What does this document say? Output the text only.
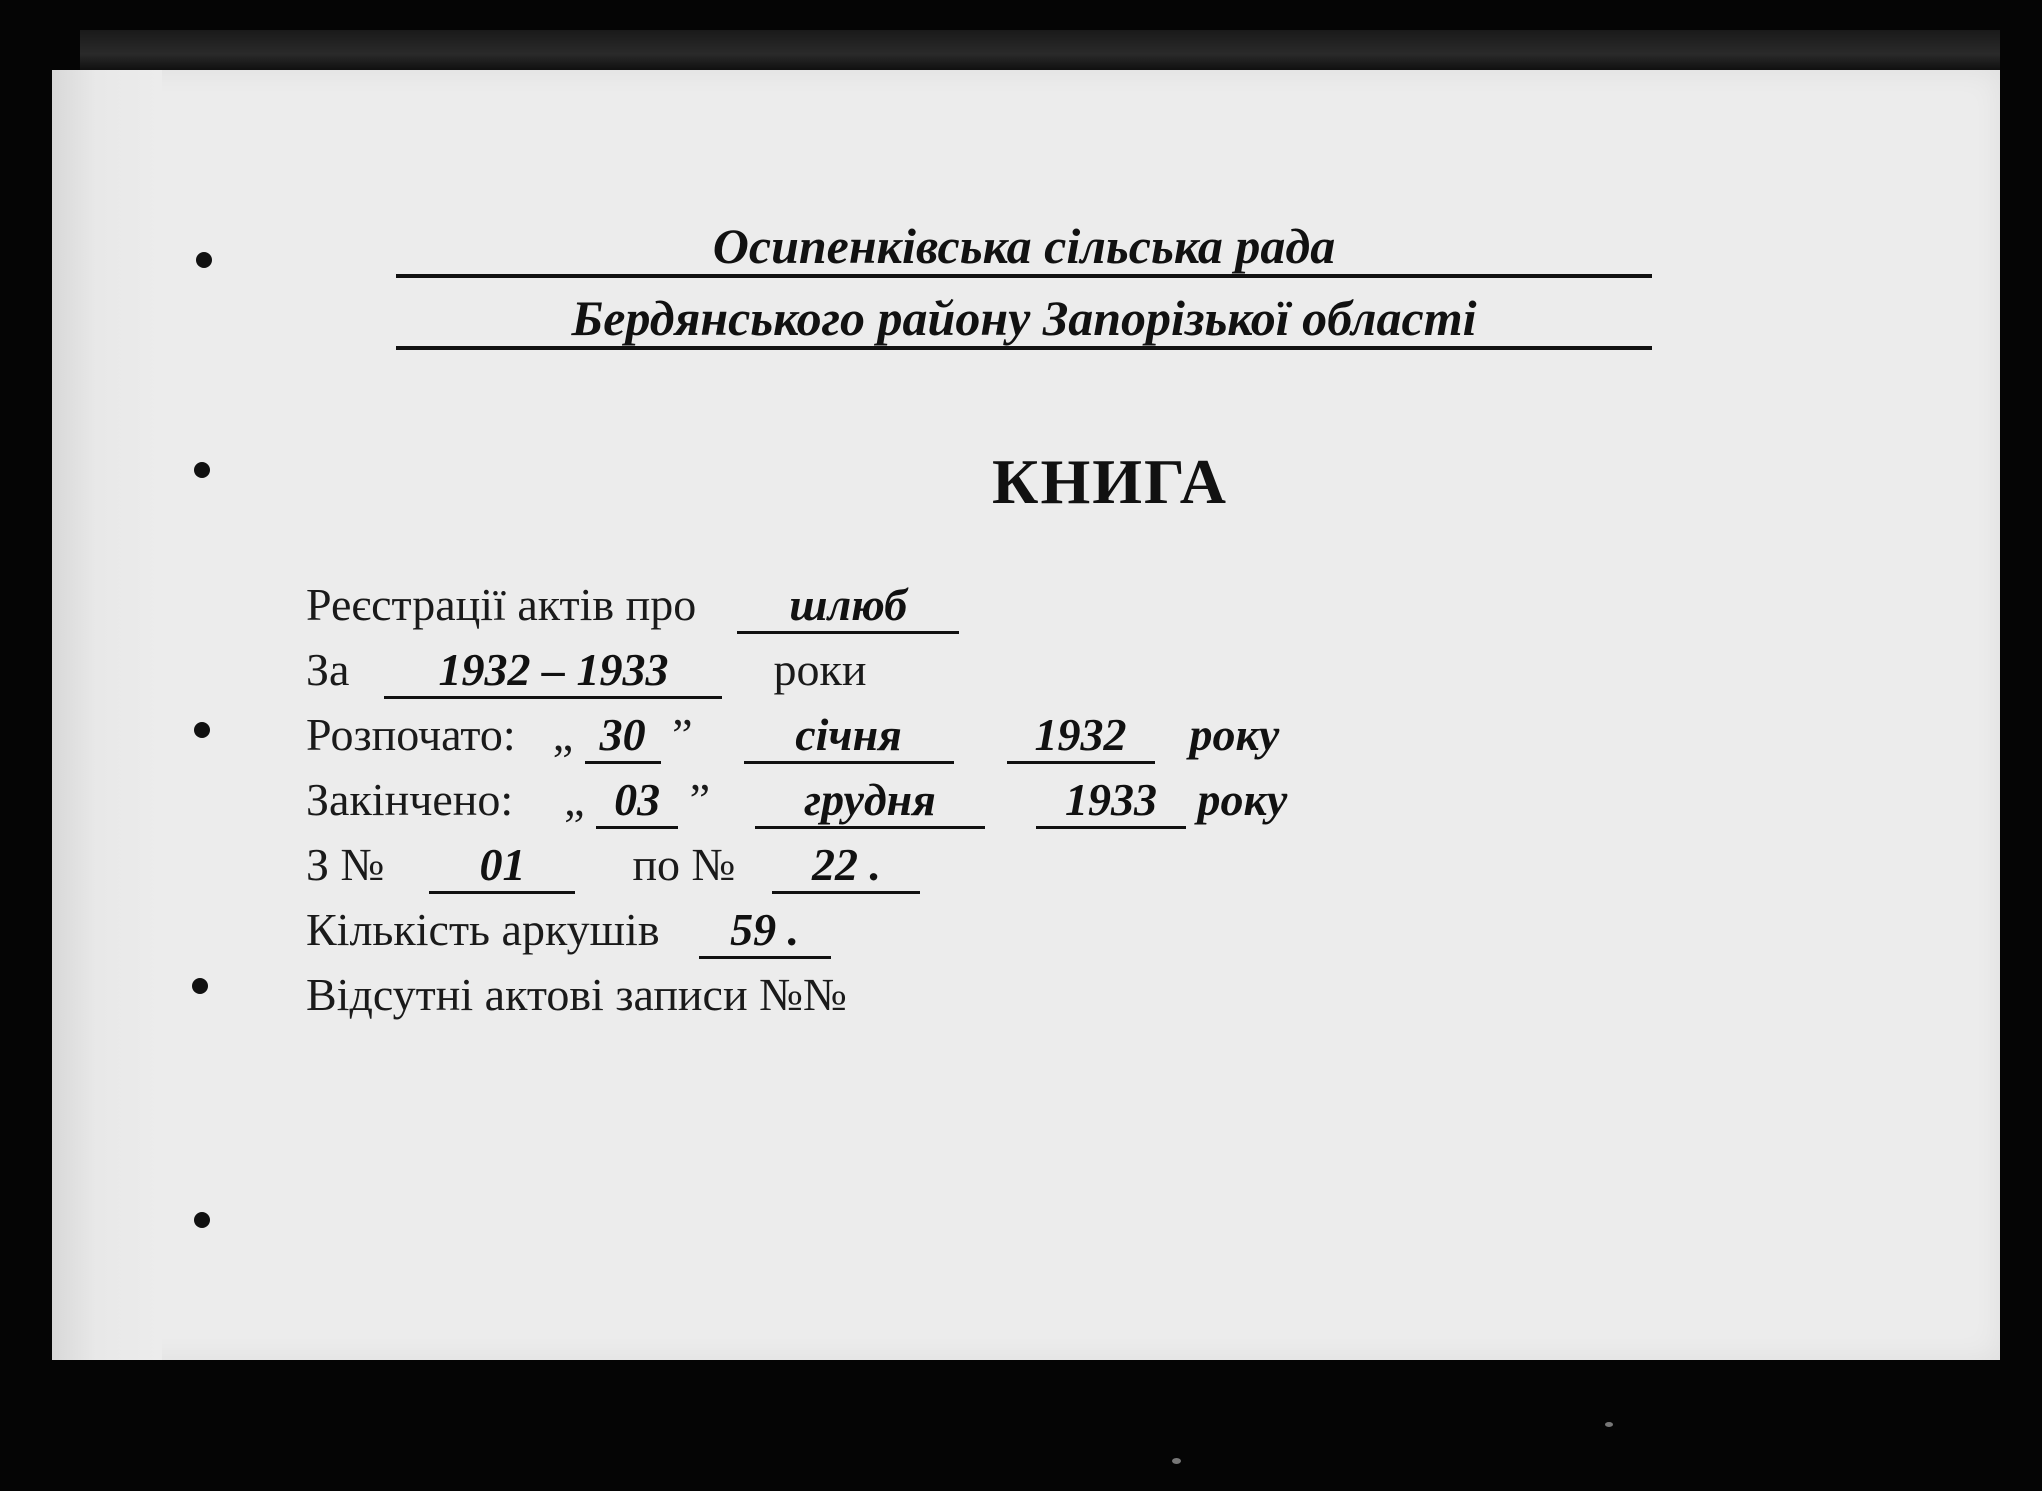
Осипенківська сільська рада
Бердянського району Запорізької області
КНИГА
Реєстрації актів про шлюб
За 1932 – 1933 роки
Розпочато: „ 30 ” січня	1932 року
Закінчено: „ 03 ” грудня	1933 року
З № 01 по № 22 .
Кількість аркушів 59 .
Відсутні актові записи №№
